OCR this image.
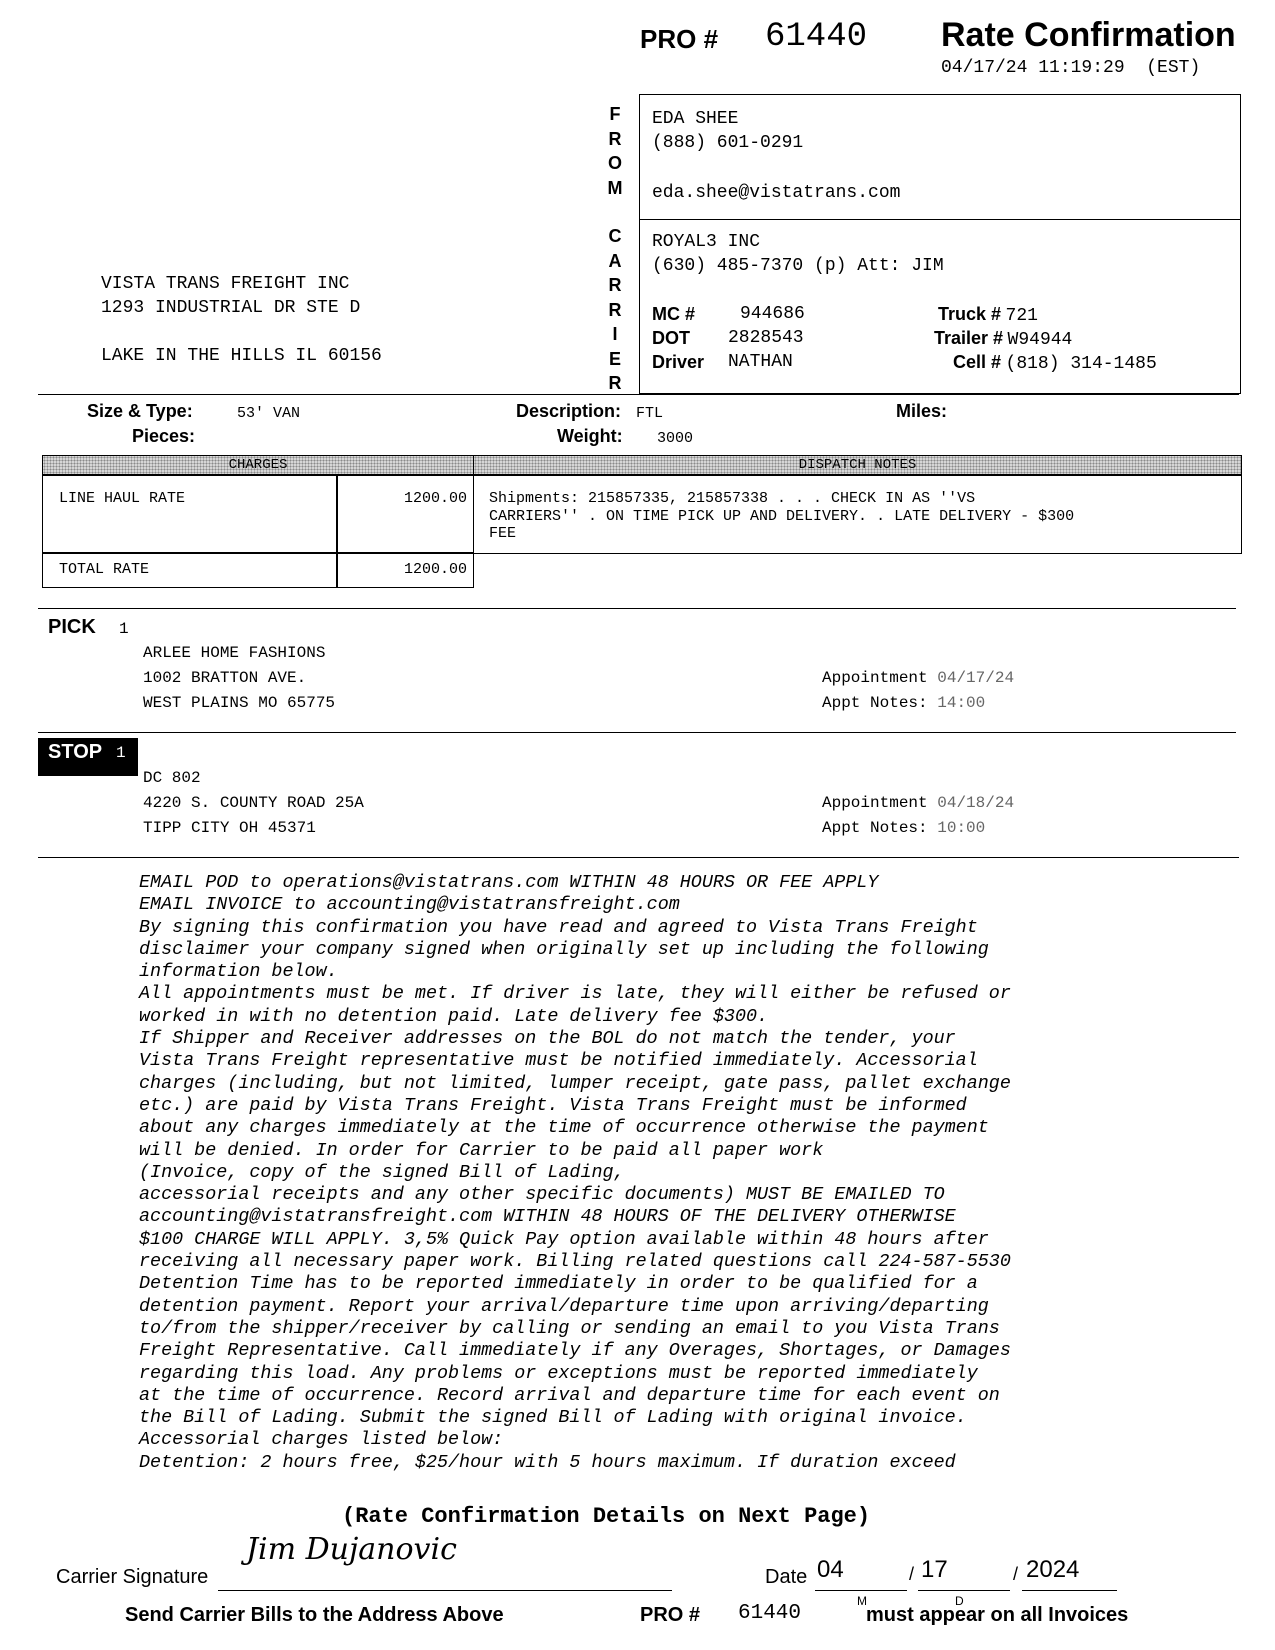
PRO # 61440 Rate Confirmation
04/17/24 11:19:29  (EST)
F
R
O
M
C
A
R
R
I
E
R
EDA SHEE
(888) 601-0291
eda.shee@vistatrans.com
ROYAL3 INC
(630) 485-7370 (p) Att: JIM
MC # 944686
DOT 2828543
Driver NATHAN
Truck # 721
Trailer # W94944
Cell # (818) 314-1485
VISTA TRANS FREIGHT INC
1293 INDUSTRIAL DR STE D
LAKE IN THE HILLS IL 60156
Size & Type:	53' VAN
Pieces:
Description: FTL
Weight: 3000
Miles:
CHARGES	DISPATCH NOTES
LINE HAUL RATE	1200.00 Shipments: 215857335, 215857338 . . . CHECK IN AS ''VS
CARRIERS'' . ON TIME PICK UP AND DELIVERY. . LATE DELIVERY - $300
FEE
TOTAL RATE	1200.00
PICK 1
ARLEE HOME FASHIONS
1002 BRATTON AVE.
WEST PLAINS MO 65775
Appointment 04/17/24
Appt Notes: 14:00
STOP 1
DC 802
4220 S. COUNTY ROAD 25A
TIPP CITY OH 45371
Appointment 04/18/24
Appt Notes: 10:00
EMAIL POD to operations@vistatrans.com WITHIN 48 HOURS OR FEE APPLY
EMAIL INVOICE to accounting@vistatransfreight.com
By signing this confirmation you have read and agreed to Vista Trans Freight
disclaimer your company signed when originally set up including the following
information below.
All appointments must be met. If driver is late, they will either be refused or
worked in with no detention paid. Late delivery fee $300.
If Shipper and Receiver addresses on the BOL do not match the tender, your
Vista Trans Freight representative must be notified immediately. Accessorial
charges (including, but not limited, lumper receipt, gate pass, pallet exchange
etc.) are paid by Vista Trans Freight. Vista Trans Freight must be informed
about any charges immediately at the time of occurrence otherwise the payment
will be denied. In order for Carrier to be paid all paper work
(Invoice, copy of the signed Bill of Lading,
accessorial receipts and any other specific documents) MUST BE EMAILED TO
accounting@vistatransfreight.com WITHIN 48 HOURS OF THE DELIVERY OTHERWISE
$100 CHARGE WILL APPLY. 3,5% Quick Pay option available within 48 hours after
receiving all necessary paper work. Billing related questions call 224-587-5530
Detention Time has to be reported immediately in order to be qualified for a
detention payment. Report your arrival/departure time upon arriving/departing
to/from the shipper/receiver by calling or sending an email to you Vista Trans
Freight Representative. Call immediately if any Overages, Shortages, or Damages
regarding this load. Any problems or exceptions must be reported immediately
at the time of occurrence. Record arrival and departure time for each event on
the Bill of Lading. Submit the signed Bill of Lading with original invoice.
Accessorial charges listed below:
Detention: 2 hours free, $25/hour with 5 hours maximum. If duration exceed
(Rate Confirmation Details on Next Page)
Carrier Signature
Jim Dujanovic
Date 04	/ 17	/ 2024
M	D
Send Carrier Bills to the Address Above	PRO # 61440	must appear on all Invoices
